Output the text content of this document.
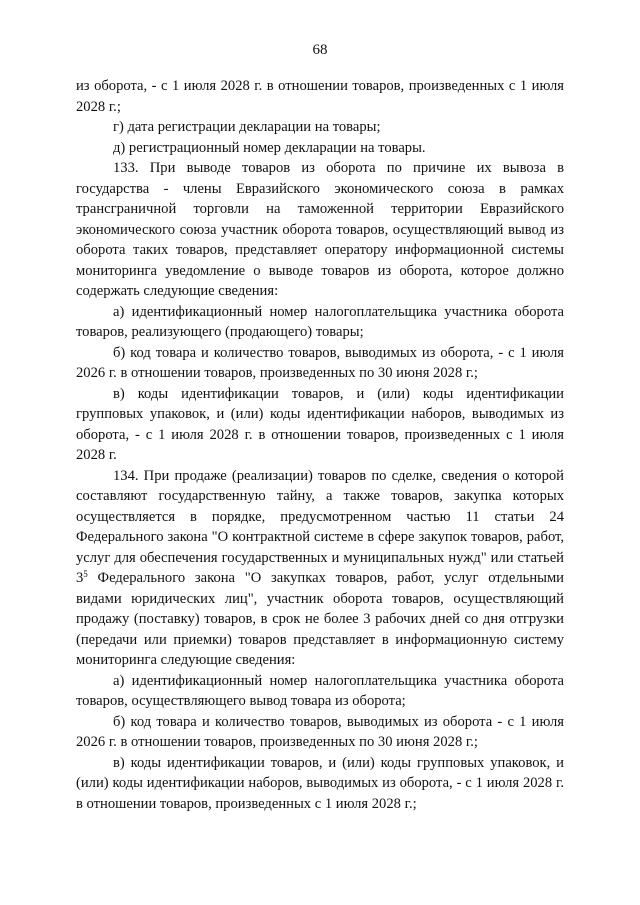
68

из оборота, - с 1 июля 2028 г. в отношении товаров, произведенных с 1 июля 2028 г.;

г) дата регистрации декларации на товары;

д) регистрационный номер декларации на товары.

133. При выводе товаров из оборота по причине их вывоза в государства - члены Евразийского экономического союза в рамках трансграничной торговли на таможенной территории Евразийского экономического союза участник оборота товаров, осуществляющий вывод из оборота таких товаров, представляет оператору информационной системы мониторинга уведомление о выводе товаров из оборота, которое должно содержать следующие сведения:

а) идентификационный номер налогоплательщика участника оборота товаров, реализующего (продающего) товары;

б) код товара и количество товаров, выводимых из оборота, - с 1 июля 2026 г. в отношении товаров, произведенных по 30 июня 2028 г.;

в) коды идентификации товаров, и (или) коды идентификации групповых упаковок, и (или) коды идентификации наборов, выводимых из оборота, - с 1 июля 2028 г. в отношении товаров, произведенных с 1 июля 2028 г.

134. При продаже (реализации) товаров по сделке, сведения о которой составляют государственную тайну, а также товаров, закупка которых осуществляется в порядке, предусмотренном частью 11 статьи 24 Федерального закона "О контрактной системе в сфере закупок товаров, работ, услуг для обеспечения государственных и муниципальных нужд" или статьей $3^5$ Федерального закона "О закупках товаров, работ, услуг отдельными видами юридических лиц", участник оборота товаров, осуществляющий продажу (поставку) товаров, в срок не более 3 рабочих дней со дня отгрузки (передачи или приемки) товаров представляет в информационную систему мониторинга следующие сведения:

а) идентификационный номер налогоплательщика участника оборота товаров, осуществляющего вывод товара из оборота;

б) код товара и количество товаров, выводимых из оборота - с 1 июля 2026 г. в отношении товаров, произведенных по 30 июня 2028 г.;

в) коды идентификации товаров, и (или) коды групповых упаковок, и (или) коды идентификации наборов, выводимых из оборота, - с 1 июля 2028 г. в отношении товаров, произведенных с 1 июля 2028 г.;
